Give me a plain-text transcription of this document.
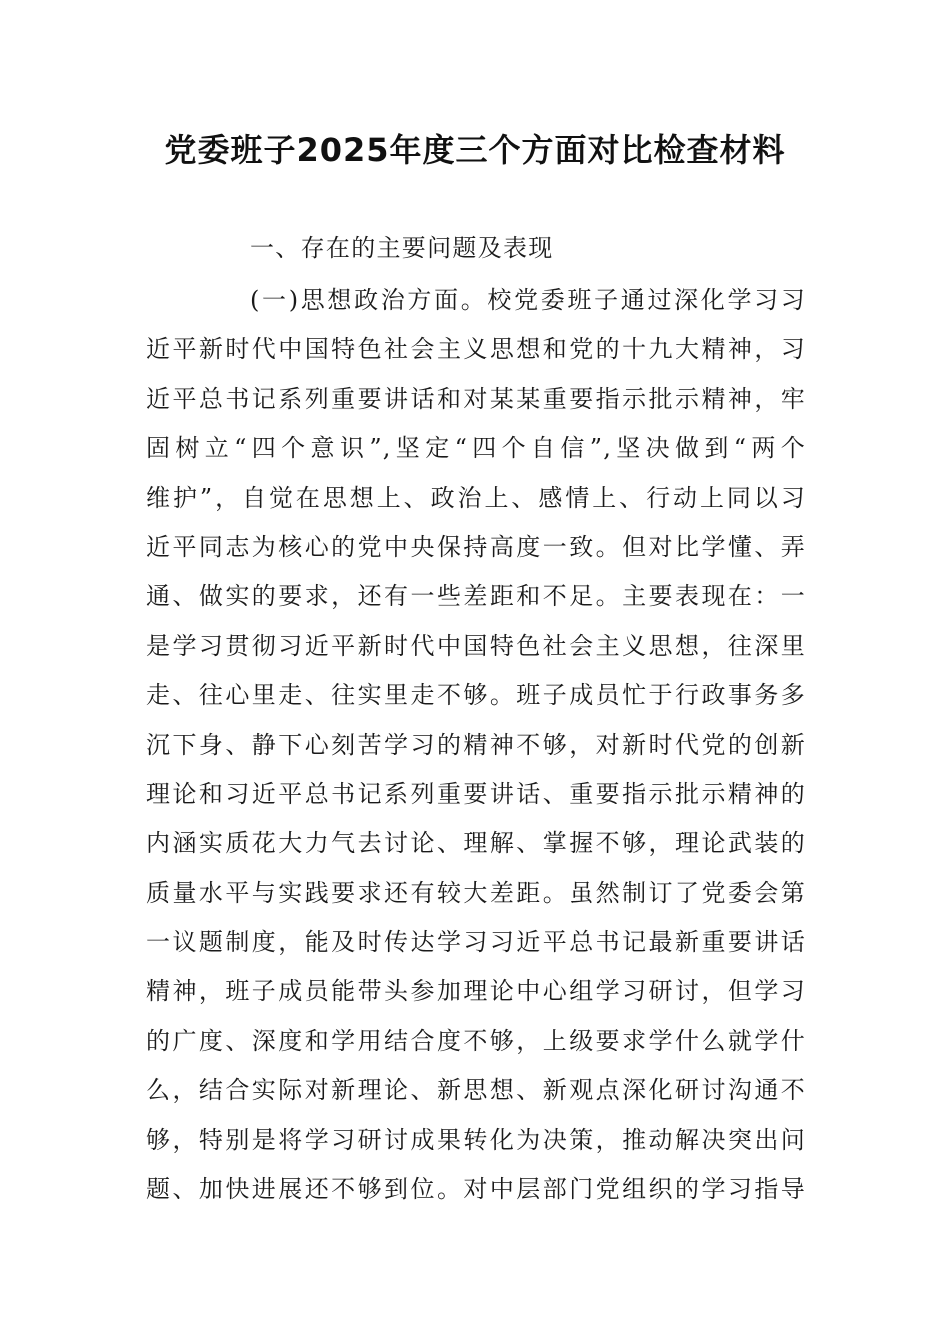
党委班子2025年度三个方面对比检查材料

一、存在的主要问题及表现

(一)思想政治方面。校党委班子通过深化学习习
近平新时代中国特色社会主义思想和党的十九大精神，习
近平总书记系列重要讲话和对某某重要指示批示精神，牢
固树立“四个意识”,坚定“四个自信”,坚决做到“两个
维护”，自觉在思想上、政治上、感情上、行动上同以习
近平同志为核心的党中央保持高度一致。但对比学懂、弄
通、做实的要求，还有一些差距和不足。主要表现在：一
是学习贯彻习近平新时代中国特色社会主义思想，往深里
走、往心里走、往实里走不够。班子成员忙于行政事务多
沉下身、静下心刻苦学习的精神不够，对新时代党的创新
理论和习近平总书记系列重要讲话、重要指示批示精神的
内涵实质花大力气去讨论、理解、掌握不够，理论武装的
质量水平与实践要求还有较大差距。虽然制订了党委会第
一议题制度，能及时传达学习习近平总书记最新重要讲话
精神，班子成员能带头参加理论中心组学习研讨，但学习
的广度、深度和学用结合度不够，上级要求学什么就学什
么，结合实际对新理论、新思想、新观点深化研讨沟通不
够，特别是将学习研讨成果转化为决策，推动解决突出问
题、加快进展还不够到位。对中层部门党组织的学习指导
